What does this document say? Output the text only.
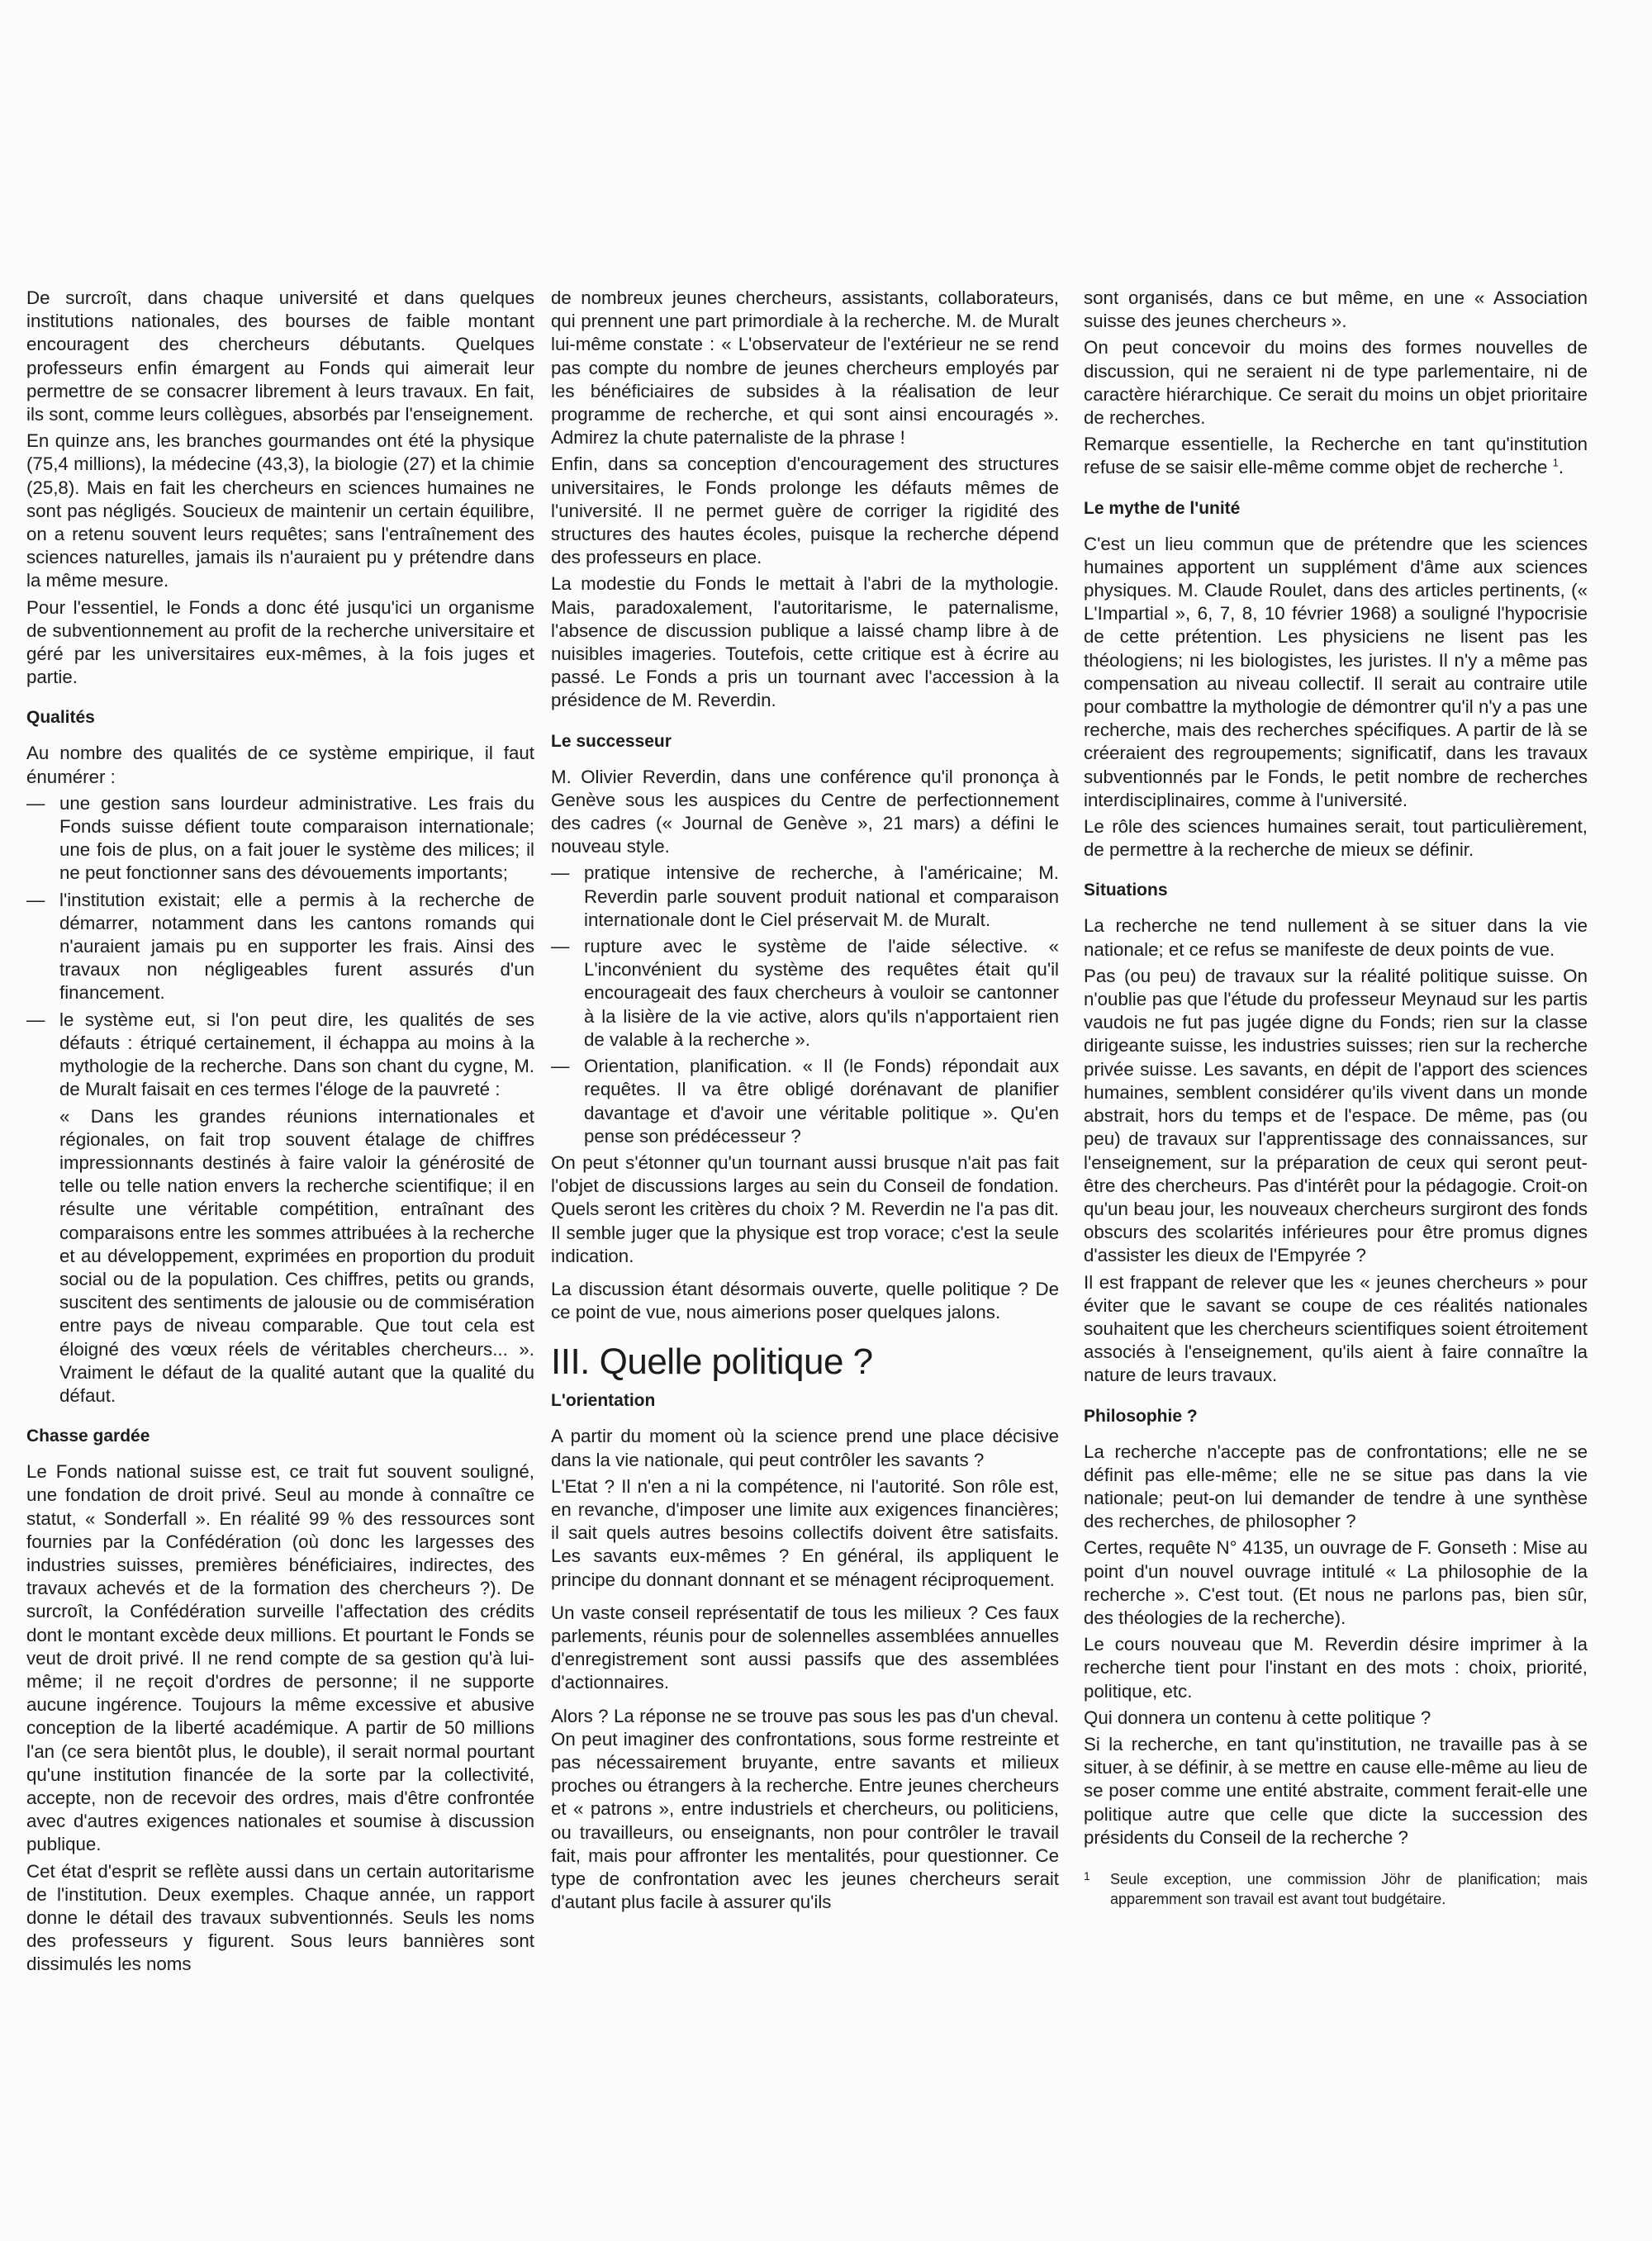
De surcroît, dans chaque université et dans quelques institutions nationales, des bourses de faible montant encouragent des chercheurs débutants. Quelques professeurs enfin émargent au Fonds qui aimerait leur permettre de se consacrer librement à leurs travaux. En fait, ils sont, comme leurs collègues, absorbés par l'enseignement.

En quinze ans, les branches gourmandes ont été la physique (75,4 millions), la médecine (43,3), la biologie (27) et la chimie (25,8). Mais en fait les chercheurs en sciences humaines ne sont pas négligés. Soucieux de maintenir un certain équilibre, on a retenu souvent leurs requêtes; sans l'entraînement des sciences naturelles, jamais ils n'auraient pu y prétendre dans la même mesure.

Pour l'essentiel, le Fonds a donc été jusqu'ici un organisme de subventionnement au profit de la recherche universitaire et géré par les universitaires eux-mêmes, à la fois juges et partie.

Qualités

Au nombre des qualités de ce système empirique, il faut énumérer :

— une gestion sans lourdeur administrative. Les frais du Fonds suisse défient toute comparaison internationale; une fois de plus, on a fait jouer le système des milices; il ne peut fonctionner sans des dévouements importants;

— l'institution existait; elle a permis à la recherche de démarrer, notamment dans les cantons romands qui n'auraient jamais pu en supporter les frais. Ainsi des travaux non négligeables furent assurés d'un financement.

— le système eut, si l'on peut dire, les qualités de ses défauts : étriqué certainement, il échappa au moins à la mythologie de la recherche. Dans son chant du cygne, M. de Muralt faisait en ces termes l'éloge de la pauvreté :

« Dans les grandes réunions internationales et régionales, on fait trop souvent étalage de chiffres impressionnants destinés à faire valoir la générosité de telle ou telle nation envers la recherche scientifique; il en résulte une véritable compétition, entraînant des comparaisons entre les sommes attribuées à la recherche et au développement, exprimées en proportion du produit social ou de la population. Ces chiffres, petits ou grands, suscitent des sentiments de jalousie ou de commisération entre pays de niveau comparable. Que tout cela est éloigné des vœux réels de véritables chercheurs... ». Vraiment le défaut de la qualité autant que la qualité du défaut.

Chasse gardée

Le Fonds national suisse est, ce trait fut souvent souligné, une fondation de droit privé. Seul au monde à connaître ce statut, « Sonderfall ». En réalité 99 % des ressources sont fournies par la Confédération (où donc les largesses des industries suisses, premières bénéficiaires, indirectes, des travaux achevés et de la formation des chercheurs ?). De surcroît, la Confédération surveille l'affectation des crédits dont le montant excède deux millions. Et pourtant le Fonds se veut de droit privé. Il ne rend compte de sa gestion qu'à lui-même; il ne reçoit d'ordres de personne; il ne supporte aucune ingérence. Toujours la même excessive et abusive conception de la liberté académique. A partir de 50 millions l'an (ce sera bientôt plus, le double), il serait normal pourtant qu'une institution financée de la sorte par la collectivité, accepte, non de recevoir des ordres, mais d'être confrontée avec d'autres exigences nationales et soumise à discussion publique.

Cet état d'esprit se reflète aussi dans un certain autoritarisme de l'institution. Deux exemples. Chaque année, un rapport donne le détail des travaux subventionnés. Seuls les noms des professeurs y figurent. Sous leurs bannières sont dissimulés les noms

de nombreux jeunes chercheurs, assistants, collaborateurs, qui prennent une part primordiale à la recherche. M. de Muralt lui-même constate : « L'observateur de l'extérieur ne se rend pas compte du nombre de jeunes chercheurs employés par les bénéficiaires de subsides à la réalisation de leur programme de recherche, et qui sont ainsi encouragés ». Admirez la chute paternaliste de la phrase !

Enfin, dans sa conception d'encouragement des structures universitaires, le Fonds prolonge les défauts mêmes de l'université. Il ne permet guère de corriger la rigidité des structures des hautes écoles, puisque la recherche dépend des professeurs en place.

La modestie du Fonds le mettait à l'abri de la mythologie. Mais, paradoxalement, l'autoritarisme, le paternalisme, l'absence de discussion publique a laissé champ libre à de nuisibles imageries. Toutefois, cette critique est à écrire au passé. Le Fonds a pris un tournant avec l'accession à la présidence de M. Reverdin.

Le successeur

M. Olivier Reverdin, dans une conférence qu'il prononça à Genève sous les auspices du Centre de perfectionnement des cadres (« Journal de Genève », 21 mars) a défini le nouveau style.

— pratique intensive de recherche, à l'américaine; M. Reverdin parle souvent produit national et comparaison internationale dont le Ciel préservait M. de Muralt.

— rupture avec le système de l'aide sélective. « L'inconvénient du système des requêtes était qu'il encourageait des faux chercheurs à vouloir se cantonner à la lisière de la vie active, alors qu'ils n'apportaient rien de valable à la recherche ».

— Orientation, planification. « Il (le Fonds) répondait aux requêtes. Il va être obligé dorénavant de planifier davantage et d'avoir une véritable politique ». Qu'en pense son prédécesseur ?

On peut s'étonner qu'un tournant aussi brusque n'ait pas fait l'objet de discussions larges au sein du Conseil de fondation. Quels seront les critères du choix ? M. Reverdin ne l'a pas dit. Il semble juger que la physique est trop vorace; c'est la seule indication.

La discussion étant désormais ouverte, quelle politique ? De ce point de vue, nous aimerions poser quelques jalons.

III. Quelle politique ?
L'orientation

A partir du moment où la science prend une place décisive dans la vie nationale, qui peut contrôler les savants ?

L'Etat ? Il n'en a ni la compétence, ni l'autorité. Son rôle est, en revanche, d'imposer une limite aux exigences financières; il sait quels autres besoins collectifs doivent être satisfaits. Les savants eux-mêmes ? En général, ils appliquent le principe du donnant donnant et se ménagent réciproquement.

Un vaste conseil représentatif de tous les milieux ? Ces faux parlements, réunis pour de solennelles assemblées annuelles d'enregistrement sont aussi passifs que des assemblées d'actionnaires.

Alors ? La réponse ne se trouve pas sous les pas d'un cheval. On peut imaginer des confrontations, sous forme restreinte et pas nécessairement bruyante, entre savants et milieux proches ou étrangers à la recherche. Entre jeunes chercheurs et « patrons », entre industriels et chercheurs, ou politiciens, ou travailleurs, ou enseignants, non pour contrôler le travail fait, mais pour affronter les mentalités, pour questionner. Ce type de confrontation avec les jeunes chercheurs serait d'autant plus facile à assurer qu'ils

sont organisés, dans ce but même, en une « Association suisse des jeunes chercheurs ».

On peut concevoir du moins des formes nouvelles de discussion, qui ne seraient ni de type parlementaire, ni de caractère hiérarchique. Ce serait du moins un objet prioritaire de recherches.

Remarque essentielle, la Recherche en tant qu'institution refuse de se saisir elle-même comme objet de recherche $^1$.

Le mythe de l'unité

C'est un lieu commun que de prétendre que les sciences humaines apportent un supplément d'âme aux sciences physiques. M. Claude Roulet, dans des articles pertinents, (« L'Impartial », 6, 7, 8, 10 février 1968) a souligné l'hypocrisie de cette prétention. Les physiciens ne lisent pas les théologiens; ni les biologistes, les juristes. Il n'y a même pas compensation au niveau collectif. Il serait au contraire utile pour combattre la mythologie de démontrer qu'il n'y a pas une recherche, mais des recherches spécifiques. A partir de là se créeraient des regroupements; significatif, dans les travaux subventionnés par le Fonds, le petit nombre de recherches interdisciplinaires, comme à l'université.

Le rôle des sciences humaines serait, tout particulièrement, de permettre à la recherche de mieux se définir.

Situations

La recherche ne tend nullement à se situer dans la vie nationale; et ce refus se manifeste de deux points de vue.

Pas (ou peu) de travaux sur la réalité politique suisse. On n'oublie pas que l'étude du professeur Meynaud sur les partis vaudois ne fut pas jugée digne du Fonds; rien sur la classe dirigeante suisse, les industries suisses; rien sur la recherche privée suisse. Les savants, en dépit de l'apport des sciences humaines, semblent considérer qu'ils vivent dans un monde abstrait, hors du temps et de l'espace. De même, pas (ou peu) de travaux sur l'apprentissage des connaissances, sur l'enseignement, sur la préparation de ceux qui seront peut-être des chercheurs. Pas d'intérêt pour la pédagogie. Croit-on qu'un beau jour, les nouveaux chercheurs surgiront des fonds obscurs des scolarités inférieures pour être promus dignes d'assister les dieux de l'Empyrée ?

Il est frappant de relever que les « jeunes chercheurs » pour éviter que le savant se coupe de ces réalités nationales souhaitent que les chercheurs scientifiques soient étroitement associés à l'enseignement, qu'ils aient à faire connaître la nature de leurs travaux.

Philosophie ?

La recherche n'accepte pas de confrontations; elle ne se définit pas elle-même; elle ne se situe pas dans la vie nationale; peut-on lui demander de tendre à une synthèse des recherches, de philosopher ?

Certes, requête N° 4135, un ouvrage de F. Gonseth : Mise au point d'un nouvel ouvrage intitulé « La philosophie de la recherche ». C'est tout. (Et nous ne parlons pas, bien sûr, des théologies de la recherche).

Le cours nouveau que M. Reverdin désire imprimer à la recherche tient pour l'instant en des mots : choix, priorité, politique, etc.

Qui donnera un contenu à cette politique ?

Si la recherche, en tant qu'institution, ne travaille pas à se situer, à se définir, à se mettre en cause elle-même au lieu de se poser comme une entité abstraite, comment ferait-elle une politique autre que celle que dicte la succession des présidents du Conseil de la recherche ?

1 Seule exception, une commission Jöhr de planification; mais apparemment son travail est avant tout budgétaire.
